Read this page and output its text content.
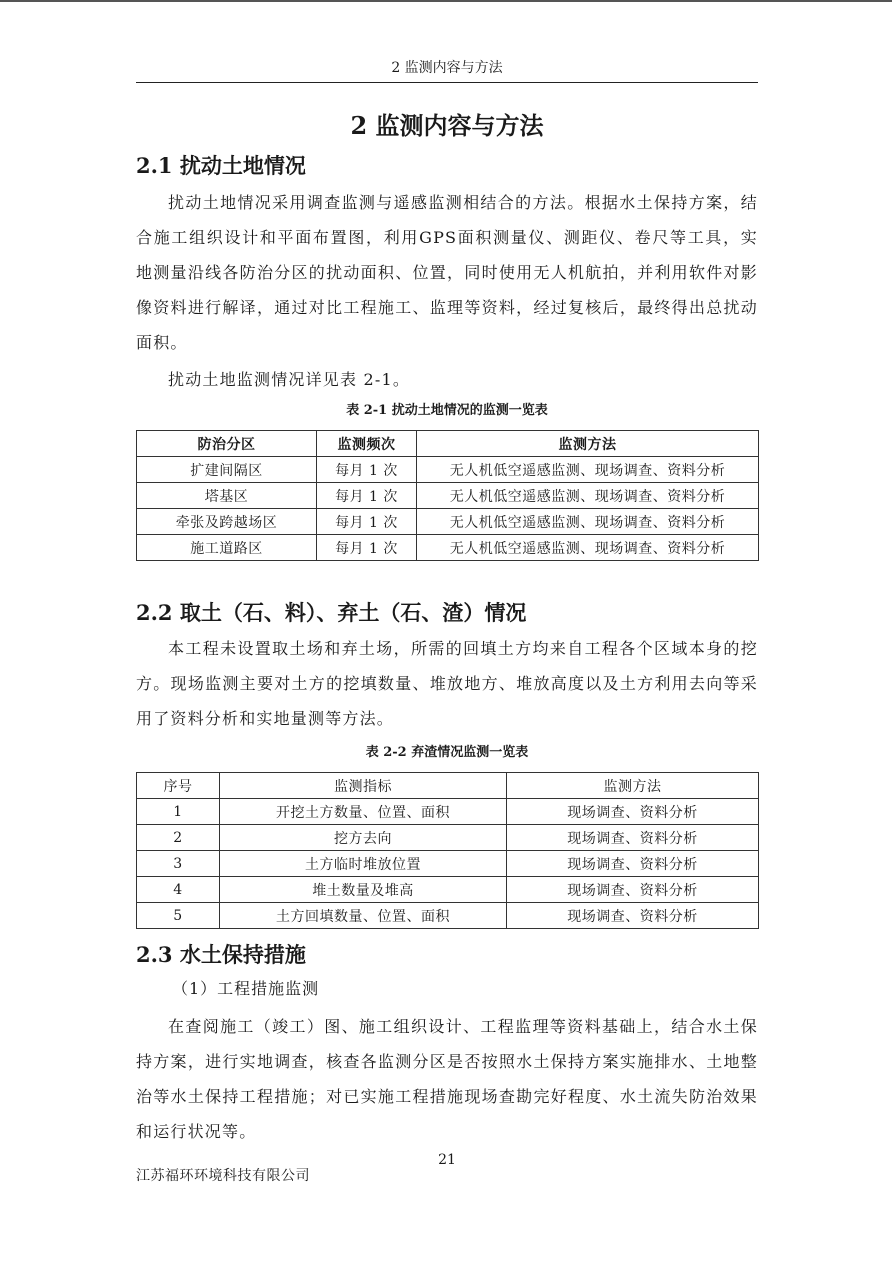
2 监测内容与方法
2 监测内容与方法
2.1 扰动土地情况
扰动土地情况采用调查监测与遥感监测相结合的方法。根据水土保持方案，结合施工组织设计和平面布置图，利用GPS面积测量仪、测距仪、卷尺等工具，实地测量沿线各防治分区的扰动面积、位置，同时使用无人机航拍，并利用软件对影像资料进行解译，通过对比工程施工、监理等资料，经过复核后，最终得出总扰动面积。
扰动土地监测情况详见表 2-1。
表 2-1 扰动土地情况的监测一览表
防治分区	监测频次	监测方法
扩建间隔区	每月 1 次	无人机低空遥感监测、现场调查、资料分析
塔基区	每月 1 次	无人机低空遥感监测、现场调查、资料分析
牵张及跨越场区	每月 1 次	无人机低空遥感监测、现场调查、资料分析
施工道路区	每月 1 次	无人机低空遥感监测、现场调查、资料分析
2.2 取土（石、料）、弃土（石、渣）情况
本工程未设置取土场和弃土场，所需的回填土方均来自工程各个区域本身的挖方。现场监测主要对土方的挖填数量、堆放地方、堆放高度以及土方利用去向等采用了资料分析和实地量测等方法。
表 2-2 弃渣情况监测一览表
序号	监测指标	监测方法
1	开挖土方数量、位置、面积	现场调查、资料分析
2	挖方去向	现场调查、资料分析
3	土方临时堆放位置	现场调查、资料分析
4	堆土数量及堆高	现场调查、资料分析
5	土方回填数量、位置、面积	现场调查、资料分析
2.3 水土保持措施
（1）工程措施监测
在查阅施工（竣工）图、施工组织设计、工程监理等资料基础上，结合水土保持方案，进行实地调查，核查各监测分区是否按照水土保持方案实施排水、土地整治等水土保持工程措施；对已实施工程措施现场查勘完好程度、水土流失防治效果和运行状况等。
21
江苏福环环境科技有限公司
